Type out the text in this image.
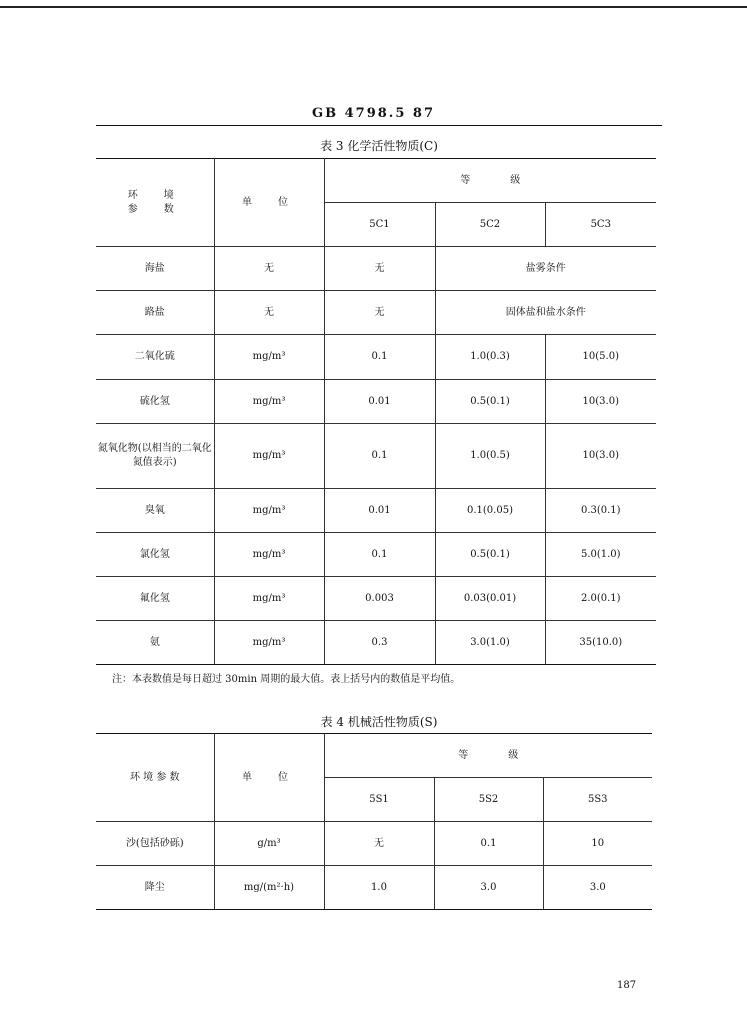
GB 4798.5 87
表 3 化学活性物质(C)
环　境
参　数	单　位	等　　　　级		
		5C1	5C2	5C3
海盐	无	无	盐雾条件	
路盐	无	无	固体盐和盐水条件	
二氧化硫	mg/m³	0.1	1.0(0.3)	10(5.0)
硫化氢	mg/m³	0.01	0.5(0.1)	10(3.0)
氮氧化物(以相当的二氧化氮值表示)	mg/m³	0.1	1.0(0.5)	10(3.0)
臭氧	mg/m³	0.01	0.1(0.05)	0.3(0.1)
氯化氢	mg/m³	0.1	0.5(0.1)	5.0(1.0)
氟化氢	mg/m³	0.003	0.03(0.01)	2.0(0.1)
氨	mg/m³	0.3	3.0(1.0)	35(10.0)
注：本表数值是每日超过 30min 周期的最大值。表上括号内的数值是平均值。
表 4 机械活性物质(S)
环 境 参 数	单　位	等　　　　级		
		5S1	5S2	5S3
沙(包括砂砾)	g/m³	无	0.1	10
降尘	mg/(m²·h)	1.0	3.0	3.0
187
